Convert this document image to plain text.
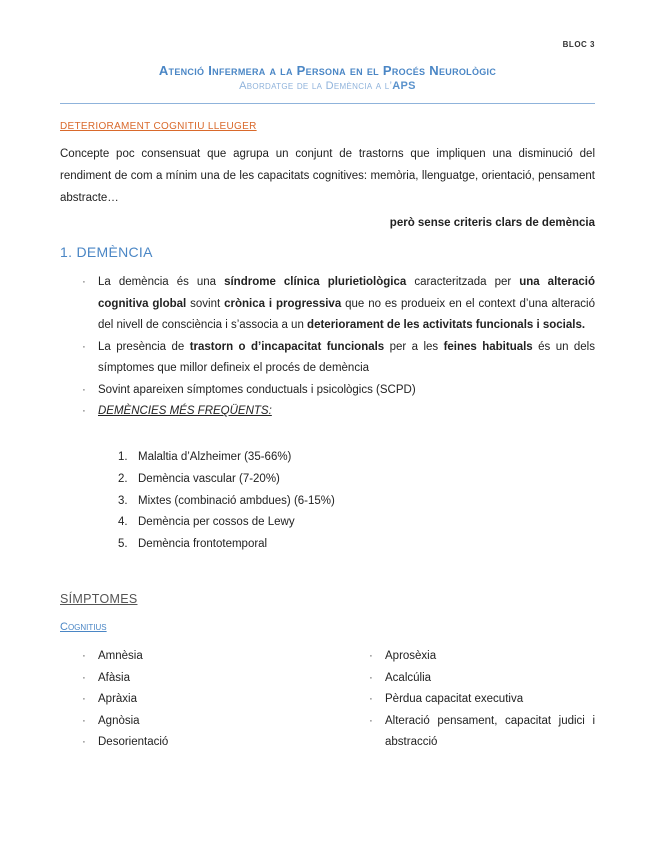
BLOC 3
Atenció Infermera a la Persona en el Procés Neurològic
Abordatge de la Demència a l’APS
DETERIORAMENT COGNITIU LLEUGER
Concepte poc consensuat que agrupa un conjunt de trastorns que impliquen una disminució del rendiment de com a mínim una de les capacitats cognitives: memòria, llenguatge, orientació, pensament abstracte…
però sense criteris clars de demència
1. DEMÈNCIA
· La demència és una síndrome clínica plurietiològica caracteritzada per una alteració cognitiva global sovint crònica i progressiva que no es produeix en el context d’una alteració del nivell de consciència i s’associa a un deteriorament de les activitats funcionals i socials.
· La presència de trastorn o d’incapacitat funcionals per a les feines habituals és un dels símptomes que millor defineix el procés de demència
· Sovint apareixen símptomes conductuals i psicològics (SCPD)
· DEMÈNCIES MÉS FREQÜENTS:
1. Malaltia d’Alzheimer (35-66%)
2. Demència vascular (7-20%)
3. Mixtes (combinació ambdues) (6-15%)
4. Demència per cossos de Lewy
5. Demència frontotemporal
SÍMPTOMES
Cognitius
· Amnèsia
· Afàsia
· Apràxia
· Agnòsia
· Desorientació
· Aprosèxia
· Acalcúlia
· Pèrdua capacitat executiva
· Alteració pensament, capacitat judici i abstracció
